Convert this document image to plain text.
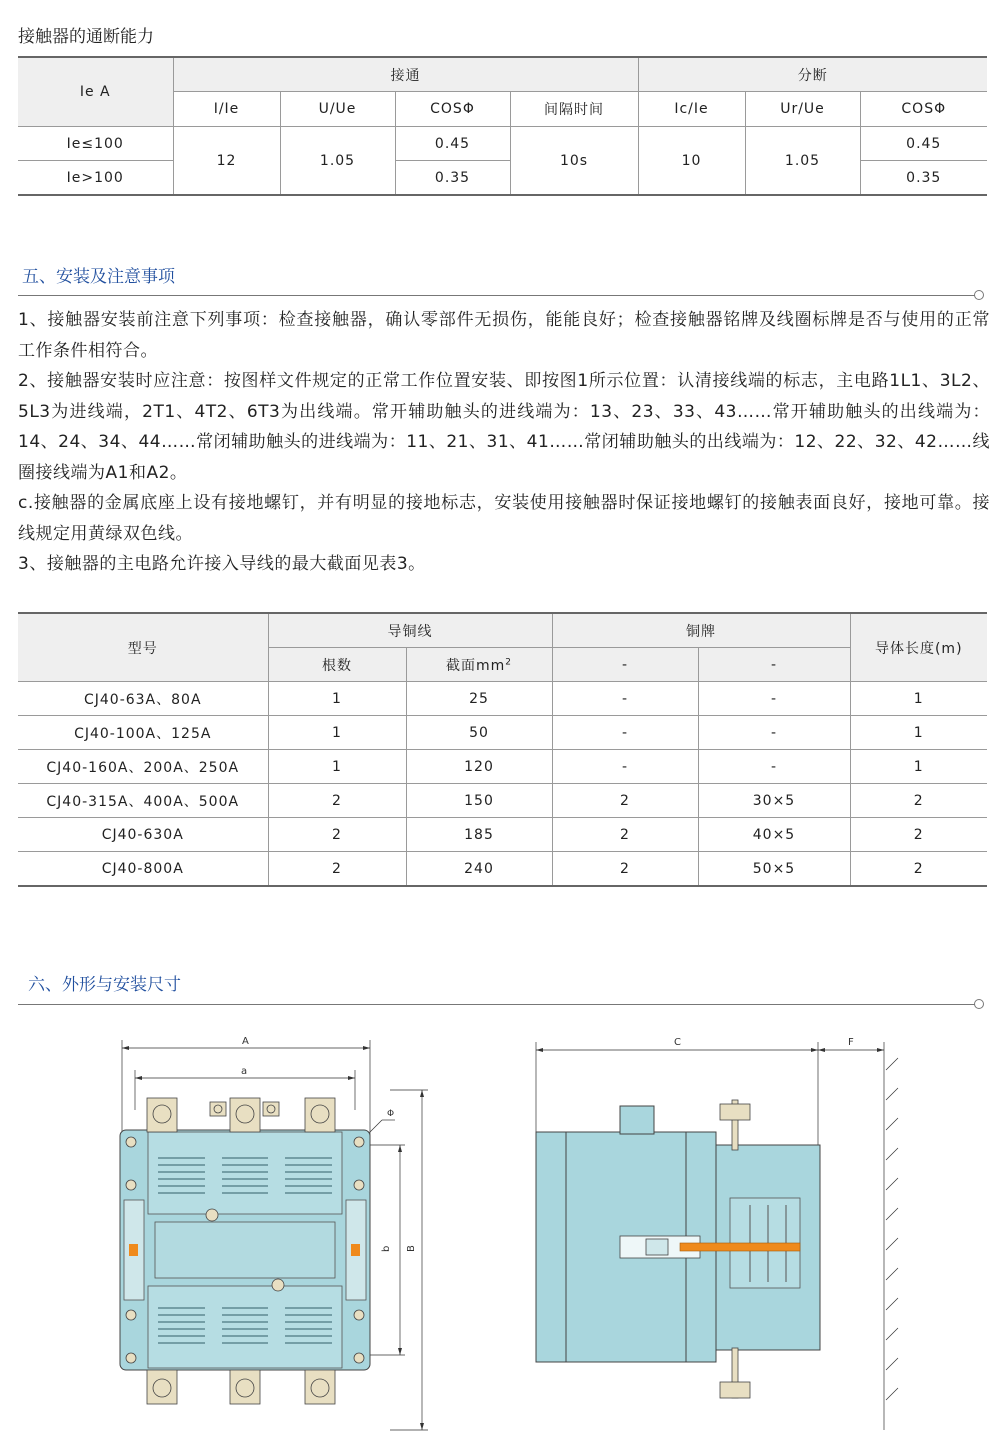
接触器的通断能力
Ie A	接通				分断		
	I/Ie	U/Ue	COSΦ	间隔时间	Ic/Ie	Ur/Ue	COSΦ
Ie≤100	12	1.05	0.45	10s	10	1.05	0.45
Ie>100			0.35				0.35
五、安装及注意事项

1、接触器安装前注意下列事项：检查接触器，确认零部件无损伤，能能良好；检查接触器铭牌及线圈标牌是否与使用的正常工作条件相符合。

2、接触器安装时应注意：按图样文件规定的正常工作位置安装、即按图1所示位置：认清接线端的标志，主电路1L1、3L2、5L3为进线端，2T1、4T2、6T3为出线端。常开辅助触头的进线端为：13、23、33、43……常开辅助触头的出线端为：14、24、34、44……常闭辅助触头的进线端为：11、21、31、41……常闭辅助触头的出线端为：12、22、32、42……线圈接线端为A1和A2。

c.接触器的金属底座上设有接地螺钉，并有明显的接地标志，安装使用接触器时保证接地螺钉的接触表面良好，接地可靠。接线规定用黄绿双色线。

3、接触器的主电路允许接入导线的最大截面见表3。

型号	导铜线		铜牌		导体长度(m)
	根数	截面$mm^2$	-	-	
CJ40-63A、80A	1	25	-	-	1
CJ40-100A、125A	1	50	-	-	1
CJ40-160A、200A、250A	1	120	-	-	1
CJ40-315A、400A、500A	2	150	2	30×5	2
CJ40-630A	2	185	2	40×5	2
CJ40-800A	2	240	2	50×5	2
六、外形与安装尺寸
A
a
Φ
b B
C	F
